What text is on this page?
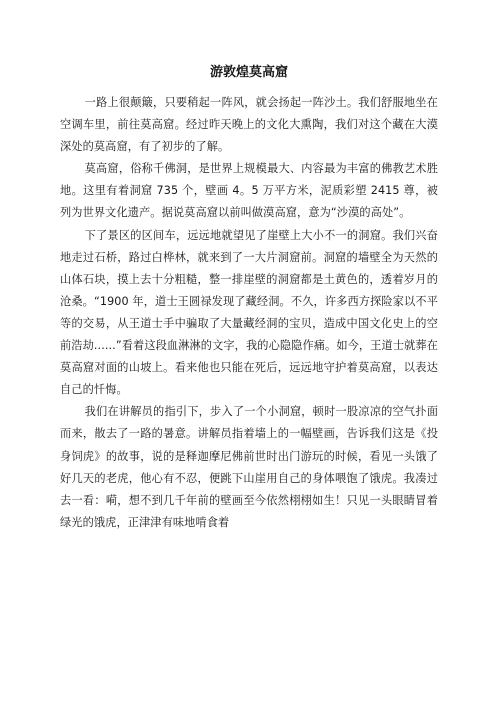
游敦煌莫高窟

一路上很颠簸，只要稍起一阵风，就会扬起一阵沙土。我们舒服地坐在空调车里，前往莫高窟。经过昨天晚上的文化大熏陶，我们对这个藏在大漠深处的莫高窟，有了初步的了解。

莫高窟，俗称千佛洞，是世界上规模最大、内容最为丰富的佛教艺术胜地。这里有着洞窟 735 个，壁画 4。5 万平方米，泥质彩塑 2415 尊，被列为世界文化遗产。据说莫高窟以前叫做漠高窟，意为“沙漠的高处”。

下了景区的区间车，远远地就望见了崖壁上大小不一的洞窟。我们兴奋地走过石桥，路过白桦林，就来到了一大片洞窟前。洞窟的墙壁全为天然的山体石块，摸上去十分粗糙，整一排崖壁的洞窟都是土黄色的，透着岁月的沧桑。“1900 年，道士王圆禄发现了藏经洞。不久，许多西方探险家以不平等的交易，从王道士手中骗取了大量藏经洞的宝贝，造成中国文化史上的空前浩劫......”看着这段血淋淋的文字，我的心隐隐作痛。如今，王道士就葬在莫高窟对面的山坡上。看来他也只能在死后，远远地守护着莫高窟，以表达自己的忏悔。

我们在讲解员的指引下，步入了一个小洞窟，顿时一股凉凉的空气扑面而来，散去了一路的暑意。讲解员指着墙上的一幅壁画，告诉我们这是《投身饲虎》的故事，说的是释迦摩尼佛前世时出门游玩的时候，看见一头饿了好几天的老虎，他心有不忍，便跳下山崖用自己的身体喂饱了饿虎。我凑过去一看：嗬，想不到几千年前的壁画至今依然栩栩如生！只见一头眼睛冒着绿光的饿虎，正津津有味地啃食着
